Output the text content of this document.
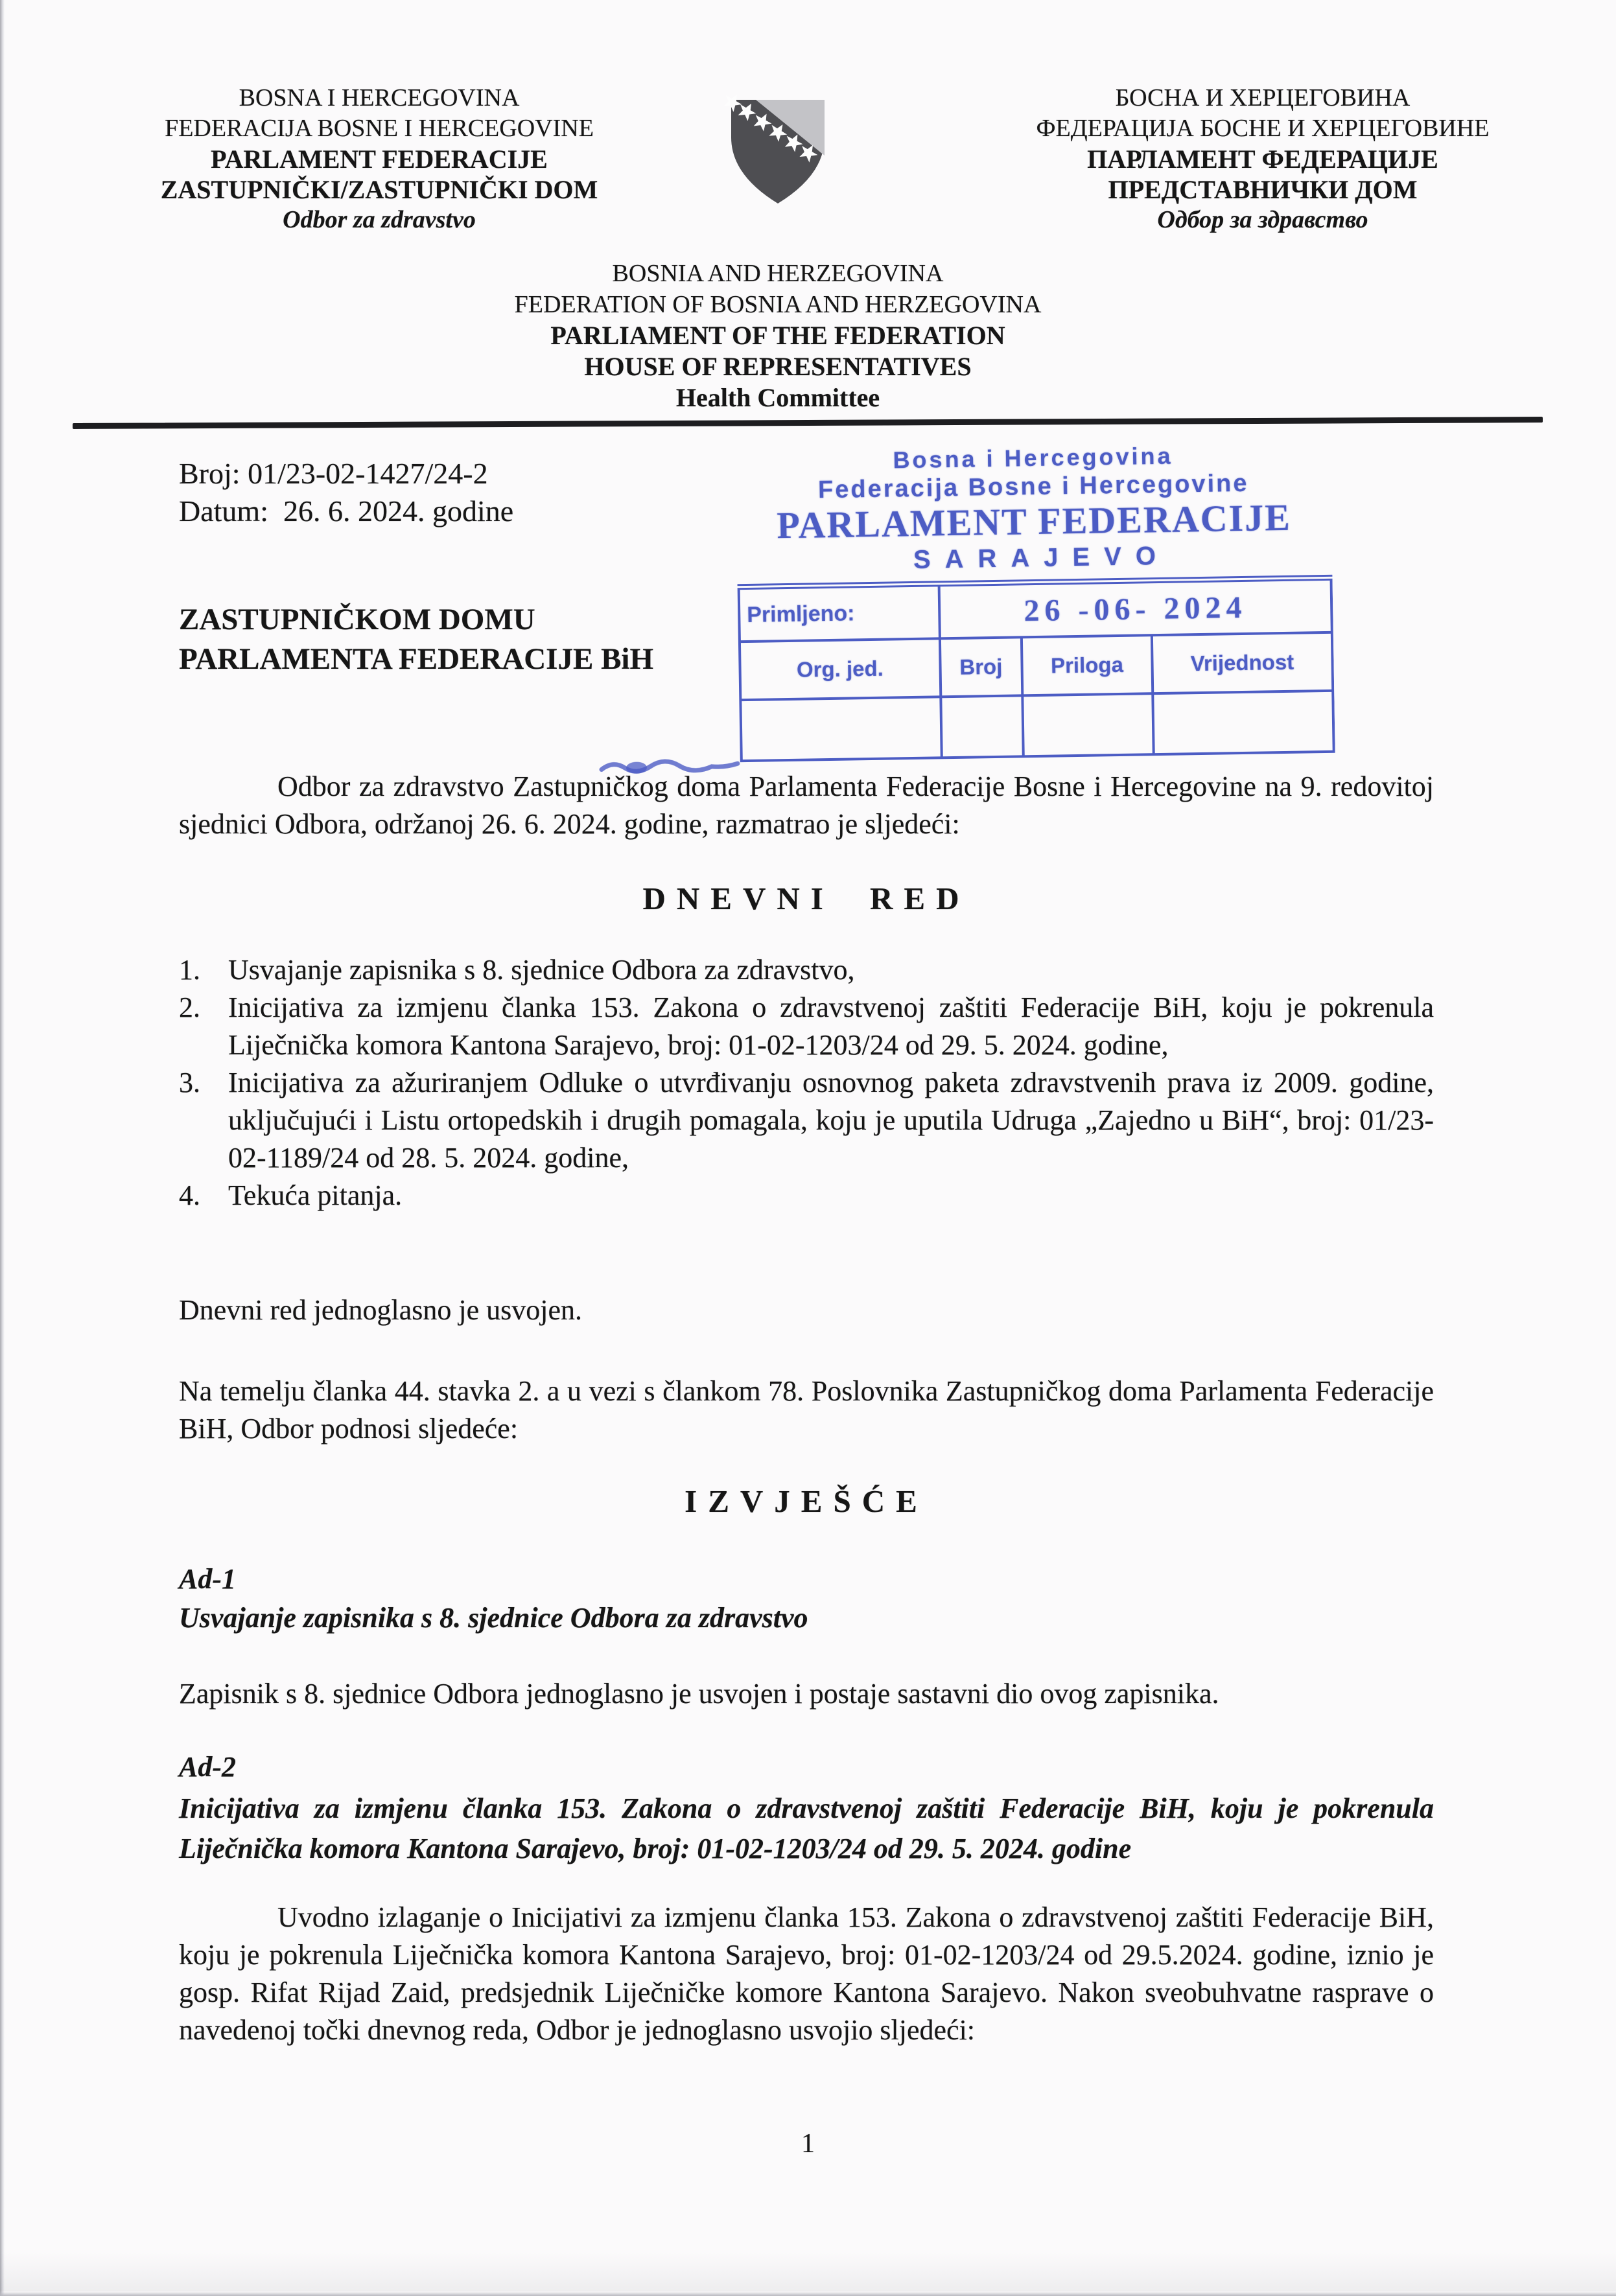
BOSNA I HERCEGOVINA
FEDERACIJA BOSNE I HERCEGOVINE
PARLAMENT FEDERACIJE
ZASTUPNIČKI/ZASTUPNIČKI DOM
Odbor za zdravstvo
БОСНА И ХЕРЦЕГОВИНА
ФЕДЕРАЦИЈА БОСНЕ И ХЕРЦЕГОВИНЕ
ПАРЛАМЕНТ ФЕДЕРАЦИЈЕ
ПРЕДСТАВНИЧКИ ДОМ
Одбор за здравство
BOSNIA AND HERZEGOVINA
FEDERATION OF BOSNIA AND HERZEGOVINA
PARLIAMENT OF THE FEDERATION
HOUSE OF REPRESENTATIVES
Health Committee
Broj: 01/23-02-1427/24-2
Datum: 26. 6. 2024. godine
Bosna i Hercegovina
Federacija Bosne i Hercegovine
PARLAMENT FEDERACIJE
SARAJEVO
Primljeno:	26 -06- 2024		
Org. jed.	Broj	Priloga	Vrijednost

ZASTUPNIČKOM DOMU
PARLAMENTA FEDERACIJE BiH
Odbor za zdravstvo Zastupničkog doma Parlamenta Federacije Bosne i Hercegovine na 9. redovitoj sjednici Odbora, održanoj 26. 6. 2024. godine, razmatrao je sljedeći:
DNEVNI RED
1. Usvajanje zapisnika s 8. sjednice Odbora za zdravstvo,
2. Inicijativa za izmjenu članka 153. Zakona o zdravstvenoj zaštiti Federacije BiH, koju je pokrenula Liječnička komora Kantona Sarajevo, broj: 01-02-1203/24 od 29. 5. 2024. godine,
3. Inicijativa za ažuriranjem Odluke o utvrđivanju osnovnog paketa zdravstvenih prava iz 2009. godine, uključujući i Listu ortopedskih i drugih pomagala, koju je uputila Udruga „Zajedno u BiH“, broj: 01/23-02-1189/24 od 28. 5. 2024. godine,
4. Tekuća pitanja.
Dnevni red jednoglasno je usvojen.
Na temelju članka 44. stavka 2. a u vezi s člankom 78. Poslovnika Zastupničkog doma Parlamenta Federacije BiH, Odbor podnosi sljedeće:
IZVJEŠĆE
Ad-1
Usvajanje zapisnika s 8. sjednice Odbora za zdravstvo
Zapisnik s 8. sjednice Odbora jednoglasno je usvojen i postaje sastavni dio ovog zapisnika.
Ad-2
Inicijativa za izmjenu članka 153. Zakona o zdravstvenoj zaštiti Federacije BiH, koju je pokrenula Liječnička komora Kantona Sarajevo, broj: 01-02-1203/24 od 29. 5. 2024. godine
Uvodno izlaganje o Inicijativi za izmjenu članka 153. Zakona o zdravstvenoj zaštiti Federacije BiH, koju je pokrenula Liječnička komora Kantona Sarajevo, broj: 01-02-1203/24 od 29.5.2024. godine, iznio je gosp. Rifat Rijad Zaid, predsjednik Liječničke komore Kantona Sarajevo. Nakon sveobuhvatne rasprave o navedenoj točki dnevnog reda, Odbor je jednoglasno usvojio sljedeći:
1
